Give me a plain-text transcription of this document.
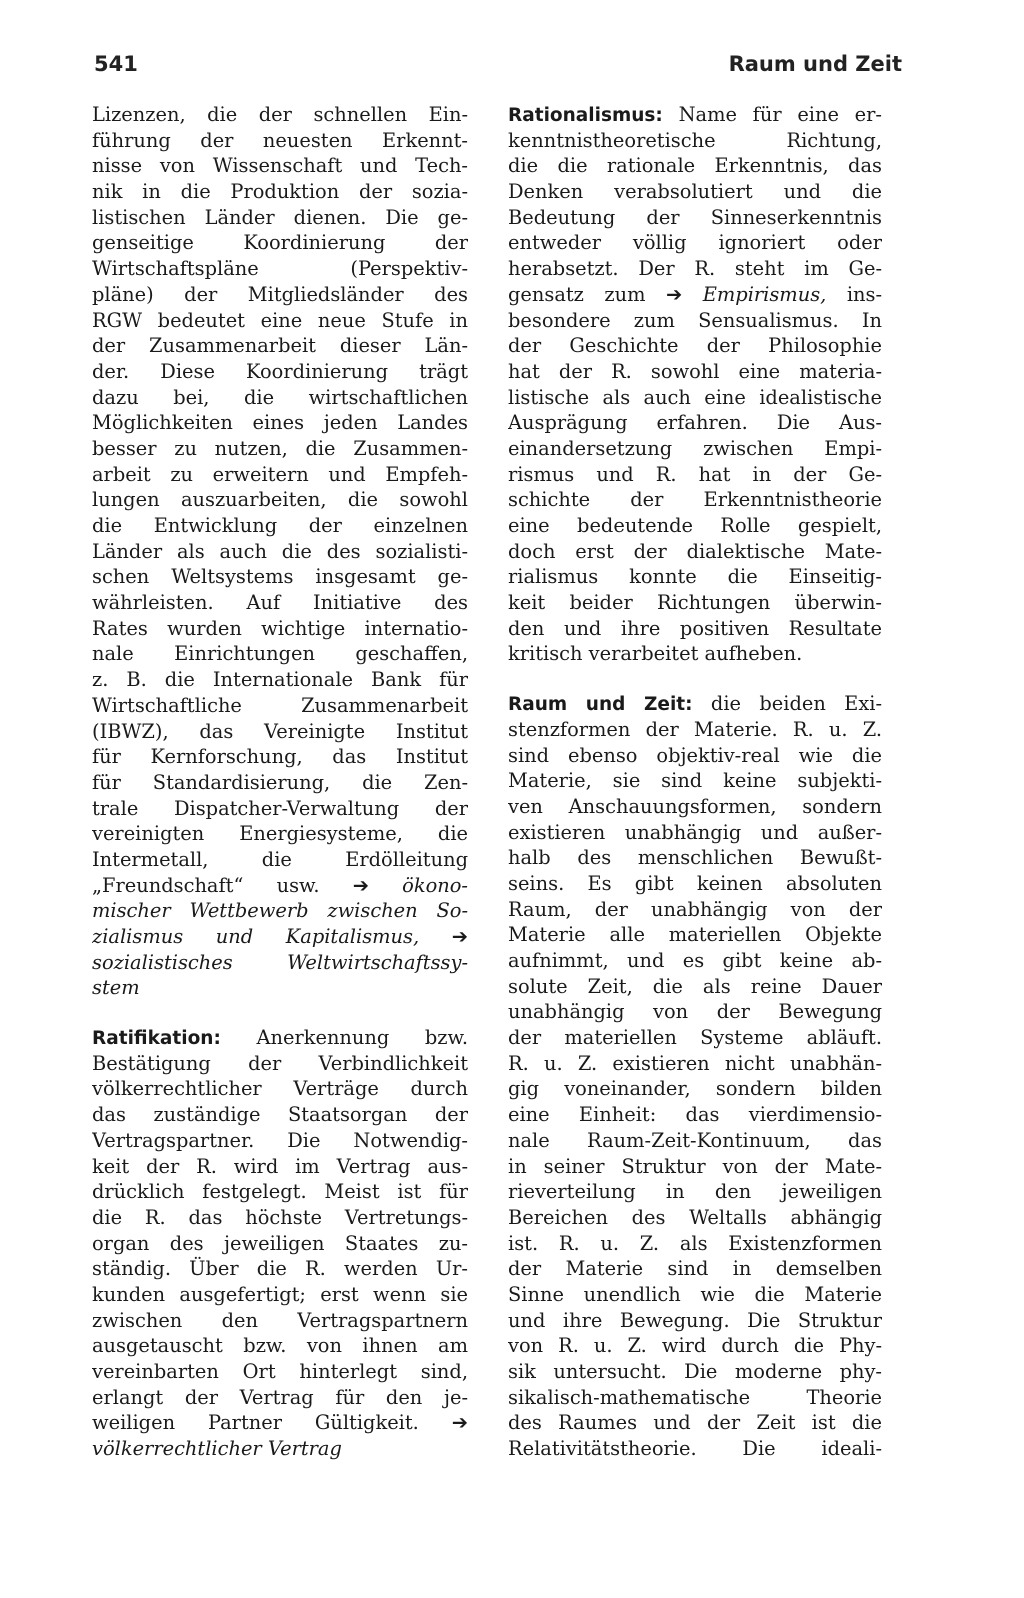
541	Raum und Zeit
Lizenzen, die der schnellen Ein-
führung der neuesten Erkennt-
nisse von Wissenschaft und Tech-
nik in die Produktion der sozia-
listischen Länder dienen. Die ge-
genseitige Koordinierung der
Wirtschaftspläne (Perspektiv-
pläne) der Mitgliedsländer des
RGW bedeutet eine neue Stufe in
der Zusammenarbeit dieser Län-
der. Diese Koordinierung trägt
dazu bei, die wirtschaftlichen
Möglichkeiten eines jeden Landes
besser zu nutzen, die Zusammen-
arbeit zu erweitern und Empfeh-
lungen auszuarbeiten, die sowohl
die Entwicklung der einzelnen
Länder als auch die des sozialisti-
schen Weltsystems insgesamt ge-
währleisten. Auf Initiative des
Rates wurden wichtige internatio-
nale Einrichtungen geschaffen,
z. B. die Internationale Bank für
Wirtschaftliche Zusammenarbeit
(IBWZ), das Vereinigte Institut
für Kernforschung, das Institut
für Standardisierung, die Zen-
trale Dispatcher-Verwaltung der
vereinigten Energiesysteme, die
Intermetall, die Erdölleitung
„Freundschaft“ usw. ➔ ökono-
mischer Wettbewerb zwischen So-
zialismus und Kapitalismus, ➔
sozialistisches Weltwirtschaftssy-
stem
Ratifikation: Anerkennung bzw.
Bestätigung der Verbindlichkeit
völkerrechtlicher Verträge durch
das zuständige Staatsorgan der
Vertragspartner. Die Notwendig-
keit der R. wird im Vertrag aus-
drücklich festgelegt. Meist ist für
die R. das höchste Vertretungs-
organ des jeweiligen Staates zu-
ständig. Über die R. werden Ur-
kunden ausgefertigt; erst wenn sie
zwischen den Vertragspartnern
ausgetauscht bzw. von ihnen am
vereinbarten Ort hinterlegt sind,
erlangt der Vertrag für den je-
weiligen Partner Gültigkeit. ➔
völkerrechtlicher Vertrag
Rationalismus: Name für eine er-
kenntnistheoretische Richtung,
die die rationale Erkenntnis, das
Denken verabsolutiert und die
Bedeutung der Sinneserkenntnis
entweder völlig ignoriert oder
herabsetzt. Der R. steht im Ge-
gensatz zum ➔ Empirismus, ins-
besondere zum Sensualismus. In
der Geschichte der Philosophie
hat der R. sowohl eine materia-
listische als auch eine idealistische
Ausprägung erfahren. Die Aus-
einandersetzung zwischen Empi-
rismus und R. hat in der Ge-
schichte der Erkenntnistheorie
eine bedeutende Rolle gespielt,
doch erst der dialektische Mate-
rialismus konnte die Einseitig-
keit beider Richtungen überwin-
den und ihre positiven Resultate
kritisch verarbeitet aufheben.
Raum und Zeit: die beiden Exi-
stenzformen der Materie. R. u. Z.
sind ebenso objektiv-real wie die
Materie, sie sind keine subjekti-
ven Anschauungsformen, sondern
existieren unabhängig und außer-
halb des menschlichen Bewußt-
seins. Es gibt keinen absoluten
Raum, der unabhängig von der
Materie alle materiellen Objekte
aufnimmt, und es gibt keine ab-
solute Zeit, die als reine Dauer
unabhängig von der Bewegung
der materiellen Systeme abläuft.
R. u. Z. existieren nicht unabhän-
gig voneinander, sondern bilden
eine Einheit: das vierdimensio-
nale Raum-Zeit-Kontinuum, das
in seiner Struktur von der Mate-
rieverteilung in den jeweiligen
Bereichen des Weltalls abhängig
ist. R. u. Z. als Existenzformen
der Materie sind in demselben
Sinne unendlich wie die Materie
und ihre Bewegung. Die Struktur
von R. u. Z. wird durch die Phy-
sik untersucht. Die moderne phy-
sikalisch-mathematische Theorie
des Raumes und der Zeit ist die
Relativitätstheorie. Die ideali-
